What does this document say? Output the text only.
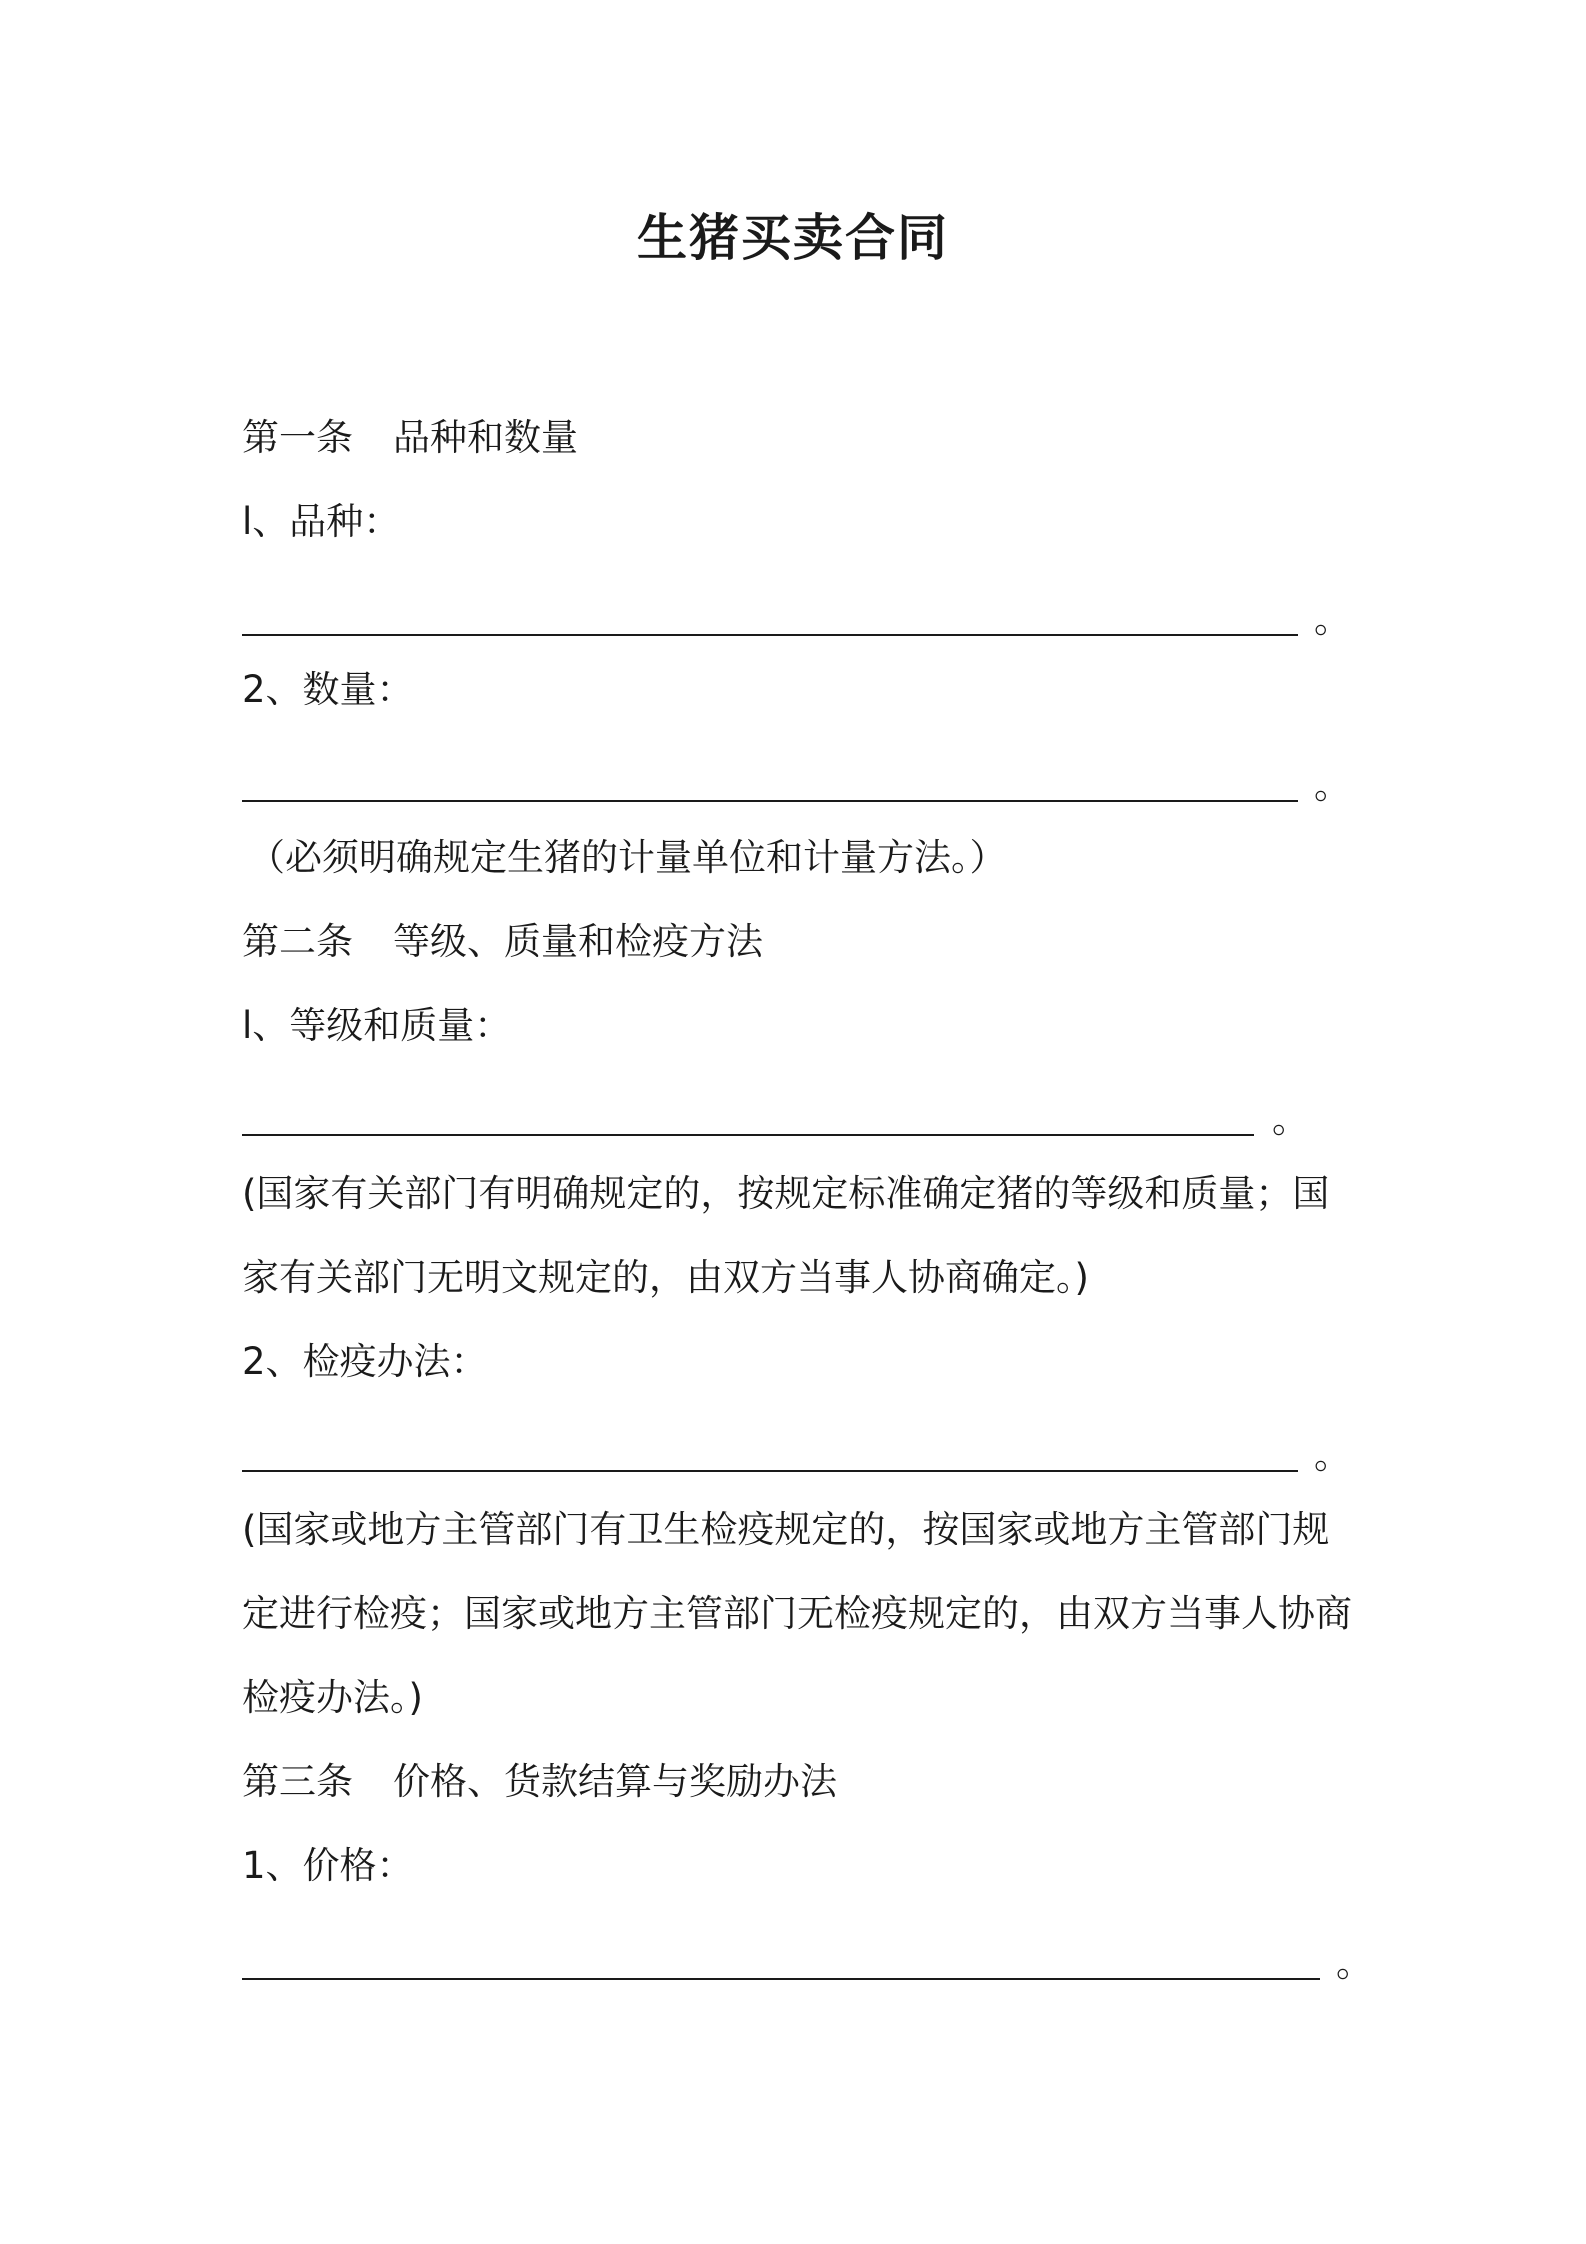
生猪买卖合同
第一条 品种和数量
l、品种：
。
2、数量：
。
（必须明确规定生猪的计量单位和计量方法。）
第二条 等级、质量和检疫方法
l、等级和质量：
。
(国家有关部门有明确规定的，按规定标准确定猪的等级和质量；国
家有关部门无明文规定的，由双方当事人协商确定。)
2、检疫办法：
。
(国家或地方主管部门有卫生检疫规定的，按国家或地方主管部门规
定进行检疫；国家或地方主管部门无检疫规定的，由双方当事人协商
检疫办法。)
第三条 价格、货款结算与奖励办法
1、价格：
。
